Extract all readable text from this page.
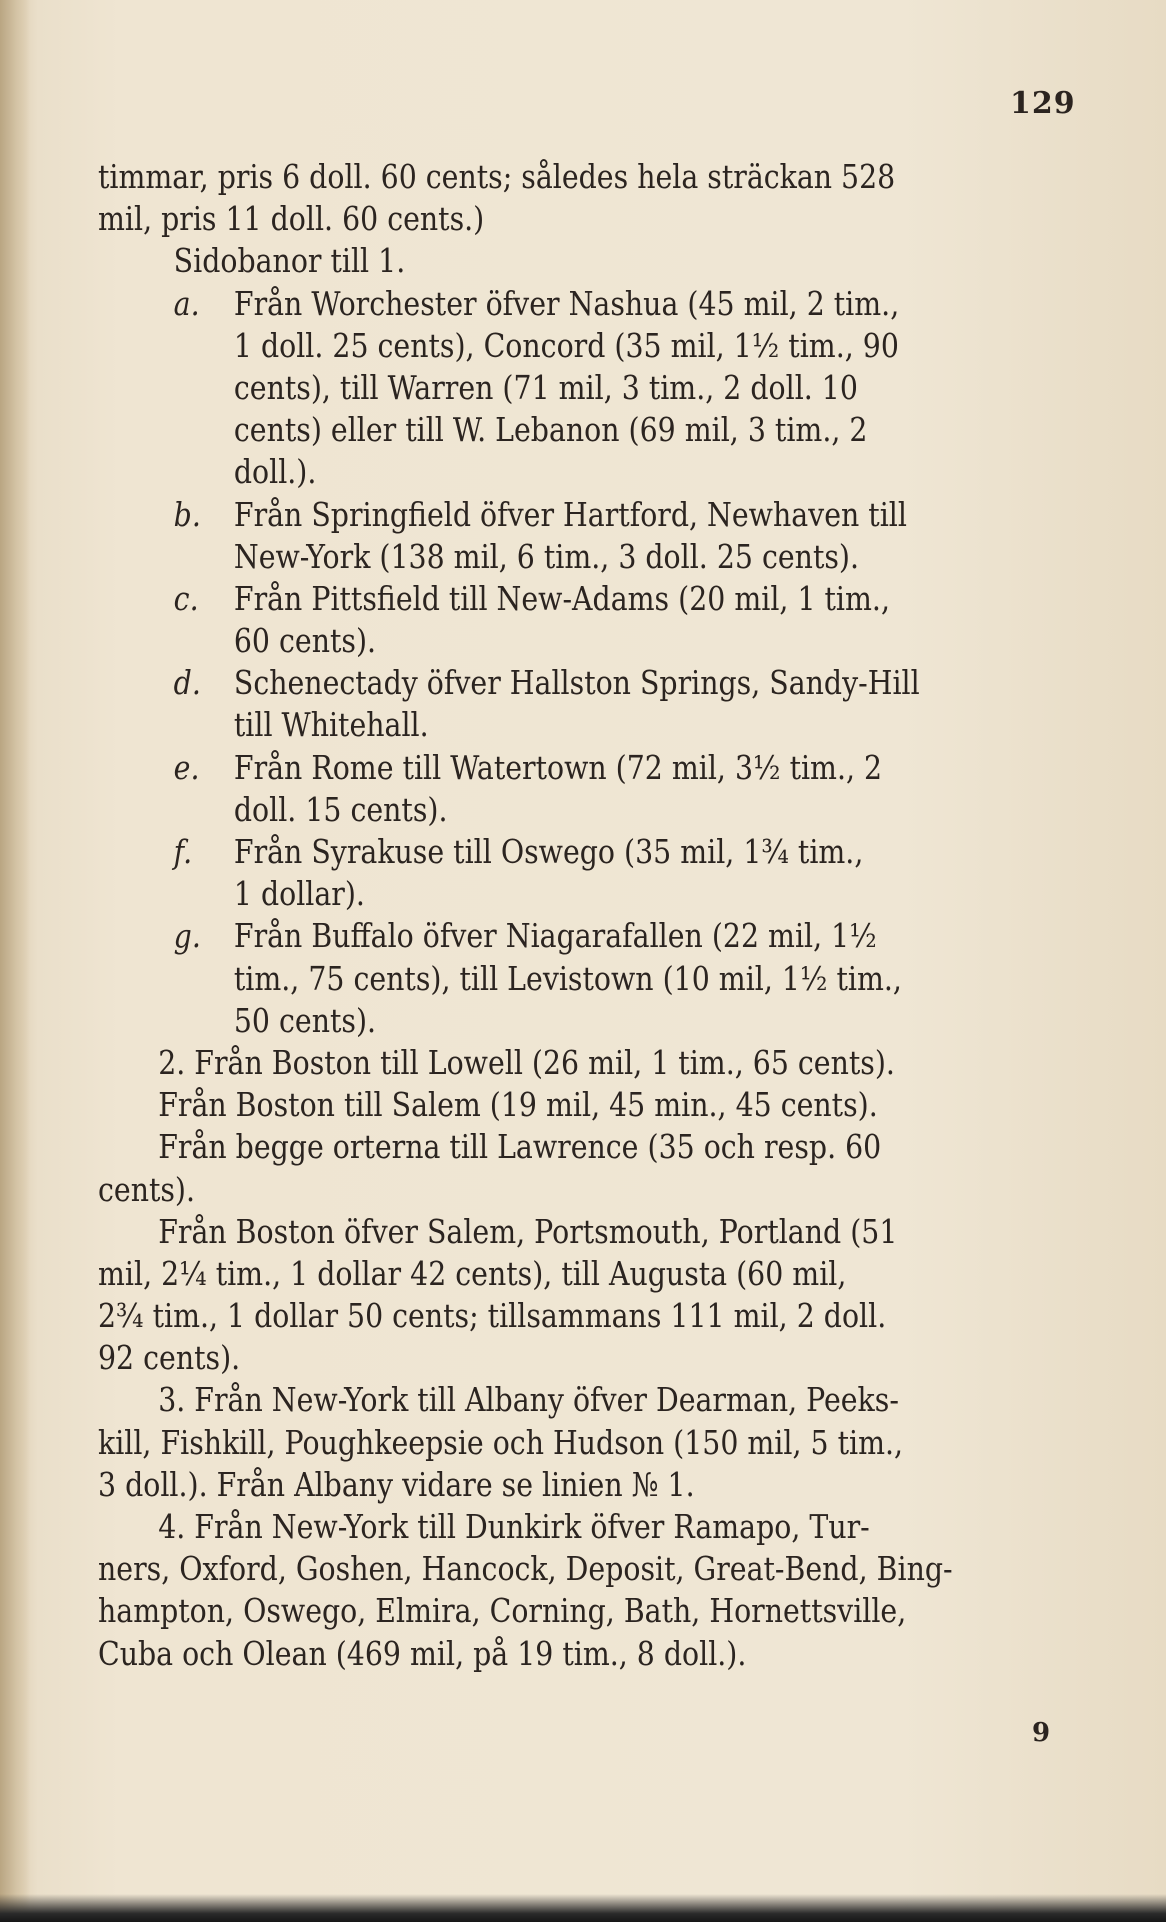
129
timmar, pris 6 doll. 60 cents; således hela sträckan 528
mil, pris 11 doll. 60 cents.)
Sidobanor till 1.
a. Från Worchester öfver Nashua (45 mil, 2 tim.,
1 doll. 25 cents), Concord (35 mil, 1½ tim., 90
cents), till Warren (71 mil, 3 tim., 2 doll. 10
cents) eller till W. Lebanon (69 mil, 3 tim., 2
doll.).
b. Från Springfield öfver Hartford, Newhaven till
New-York (138 mil, 6 tim., 3 doll. 25 cents).
c. Från Pittsfield till New-Adams (20 mil, 1 tim.,
60 cents).
d. Schenectady öfver Hallston Springs, Sandy-Hill
till Whitehall.
e. Från Rome till Watertown (72 mil, 3½ tim., 2
doll. 15 cents).
f. Från Syrakuse till Oswego (35 mil, 1¾ tim.,
1 dollar).
g. Från Buffalo öfver Niagarafallen (22 mil, 1½
tim., 75 cents), till Levistown (10 mil, 1½ tim.,
50 cents).
2. Från Boston till Lowell (26 mil, 1 tim., 65 cents).
Från Boston till Salem (19 mil, 45 min., 45 cents).
Från begge orterna till Lawrence (35 och resp. 60
cents).
Från Boston öfver Salem, Portsmouth, Portland (51
mil, 2¼ tim., 1 dollar 42 cents), till Augusta (60 mil,
2¾ tim., 1 dollar 50 cents; tillsammans 111 mil, 2 doll.
92 cents).
3. Från New-York till Albany öfver Dearman, Peeks-
kill, Fishkill, Poughkeepsie och Hudson (150 mil, 5 tim.,
3 doll.). Från Albany vidare se linien № 1.
4. Från New-York till Dunkirk öfver Ramapo, Tur-
ners, Oxford, Goshen, Hancock, Deposit, Great-Bend, Bing-
hampton, Oswego, Elmira, Corning, Bath, Hornettsville,
Cuba och Olean (469 mil, på 19 tim., 8 doll.).
9
